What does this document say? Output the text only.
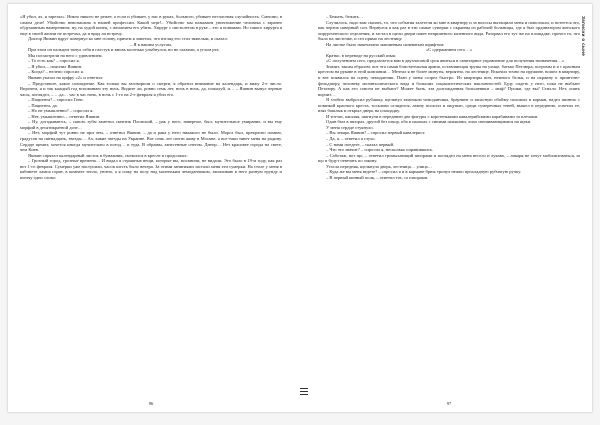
«Я убил, ах, я зарезал». Никто никого не режет, а если и убивает, у нас в руках, больного, убивает несчастная случайность. Смешно, в самом деле! Убийство невозможно в нашей профессии. Какой черт!.. Убийство мы называем уничтожение человека с заранее обдуманным намерением; ну, на худой конец, с желанием его убить. Хирург с пистолетом в руке – это я понимаю. Но такого хирурга я еще в своей жизни не встречал, да и вряд ли встречу.

Доктор Яшвин вдруг повернул ко мне голову, причем я заметил, что взгляд его стал тяжелым, и сказал:

– Я к вашим услугам.

При этом он пальцем ткнул себя в галстук и вновь косенько улыбнулся, но не глазами, а углом рта.

Мы посмотрели на него с удивлением.

– То есть как? – спросил я.

– Я убил, – пояснил Яшвин.

– Когда? – нелепо спросил я.

Яшвин указал на цифру «2» и ответил:

– Представьте, какое совпадение. Как только вы заговорили о смерти, я обратил внимание на календарь, и вижу 2-е число. Впрочем, я и так каждый год вспоминаю эту ночь. Видите ли, ровно семь лет, ночь в ночь, да, пожалуй, и… – Яшвин вынул черные часы, поглядел, – …да… час в час ночь, в ночь с 1-го на 2-е февраля я убил его.

– Пациента? – спросил Гинс.

– Пациента, да.

– Но не умышленно? – спросил я.

– Нет, умышленно, – ответил Яшвин.

– Ну, догадываюсь, – сквозь зубы заметил скептик Плонский, – рак у него, наверное, был, мучительное умирание, и вы ему морфий в десятикратной дозе…

– Нет, морфий тут ровно не при чем, – ответил Яшвин, – да и рака у него никакого не было. Мороз был, прекрасно помню, градусов на пятнадцать, звезды… Ах, какие звезды на Украине. Вот семь лет почти живу в Москве, а все-таки тянет меня на родину. Сердце щемит, хочется иногда мучительно в поезд… и туда. В обрывы, занесенные снегом. Днепр… Нет красивее города на свете, чем Киев.

Яшвин спрятал календарный листок в бумажник, съежился в кресле и продолжал:

– Грозный город, грозные времена… И видал я страшные вещи, которые вы, москвичи, не видали. Это было в 19-м году, как раз вот 1-го февраля. Сумерки уже наступили, часов шесть было вечера. За этими занятиями застали меня эти сумерки. На столе у меня в кабинете лампа горит, в комнате тепло, уютно, а я сижу на полу над маленьким чемоданчиком, запихиваю в него разную ерунду и шепчу одно слово:

96

– Бежать, бежать…

Случилось, надо вам сказать, то, что события залетели ко мне в квартиру и за волосы вытащили меня и поволокли, и потеется это, как чертов скверный сон. Вернулся я как раз в эти самые сумерки с окраины из рабочей больницы, где я был ординатором женского хирургического отделения, и застал в щели двери пакет неприятного казенного вида. Разорвал его тут же на площадке, прочел то, что было на листочке, и сел прямо на лестницу.

На листке было напечатано машинным синеватым шрифтом:

«С одержанием сего…»

Кратко, в переводе на русский язык:

«С получением сего, предлагается вам в двухчасовой срок явиться в санитарное управление для получения назначения…»

Значит, таким образом: вот эта самая блистательная армия, оставляющая трупы на улице, батько Петлюра, погромы и я с красным крестом на рукаве в этой компании… Мечтал я не более минуты, вероятно, на лестнице. Вскочил точно на пружине, вошел в квартиру, и вот появился на сцену чемоданчик. План у меня созрел быстро. Из квартиры вон, немного белья, и на окраину к приятелю-фельдшеру, человеку мелинхолического вида и больших социалистических наклонностей. Буду сидеть у него, пока не выбьют Петлюру. А как его совсем не выбьют? Может быть, эта долгожданная большевики – миф? Пушки, где вы? Стихло. Нет, опять ворчит…

Я злобно выбросил рубашку, щелкнул замочком чемоданчика, браунинг и запасную обойму положил в карман, надел шинель с повязкой красного креста, тоскливо огляделся, лампу погасил и ощупью, среди сумеречных теней, вышел в переднюю, осветил ее, взял башлык и открыл дверь на площадку.

И тотчас, кашляя, шагнули в переднюю две фигуры с коротенькими кавалерийскими карабинами за плечами.

Один был в шпорах, другой без шпор, оба в папахах с синими шлыками, лихо свешивающимися на щеки.

У меня сердце стукнуло.

– Вы лекарь Яшвин? – спросил первый кавалерист.

– Да, я, – ответил я глухо.

– С нами поедете, – сказал первый.

– Что это значит? – спросил я, несколько оправившись.

– Саботаж, вот що, – ответил громыхающий шпорами и поглядел на меня весело и лукаво, – ликаря не хочут мобилизоваться, за що и будут отвечать по закону.

Угасла передняя, щелкнула дверь, лестница… улица…

– Куда же вы меня ведете? – спросил я и в кармане брюк тронул нежно прохладную рубчатую ручку.

– В первый конный полк, – ответил тот, со шпорами.

97
Записки о сыне
